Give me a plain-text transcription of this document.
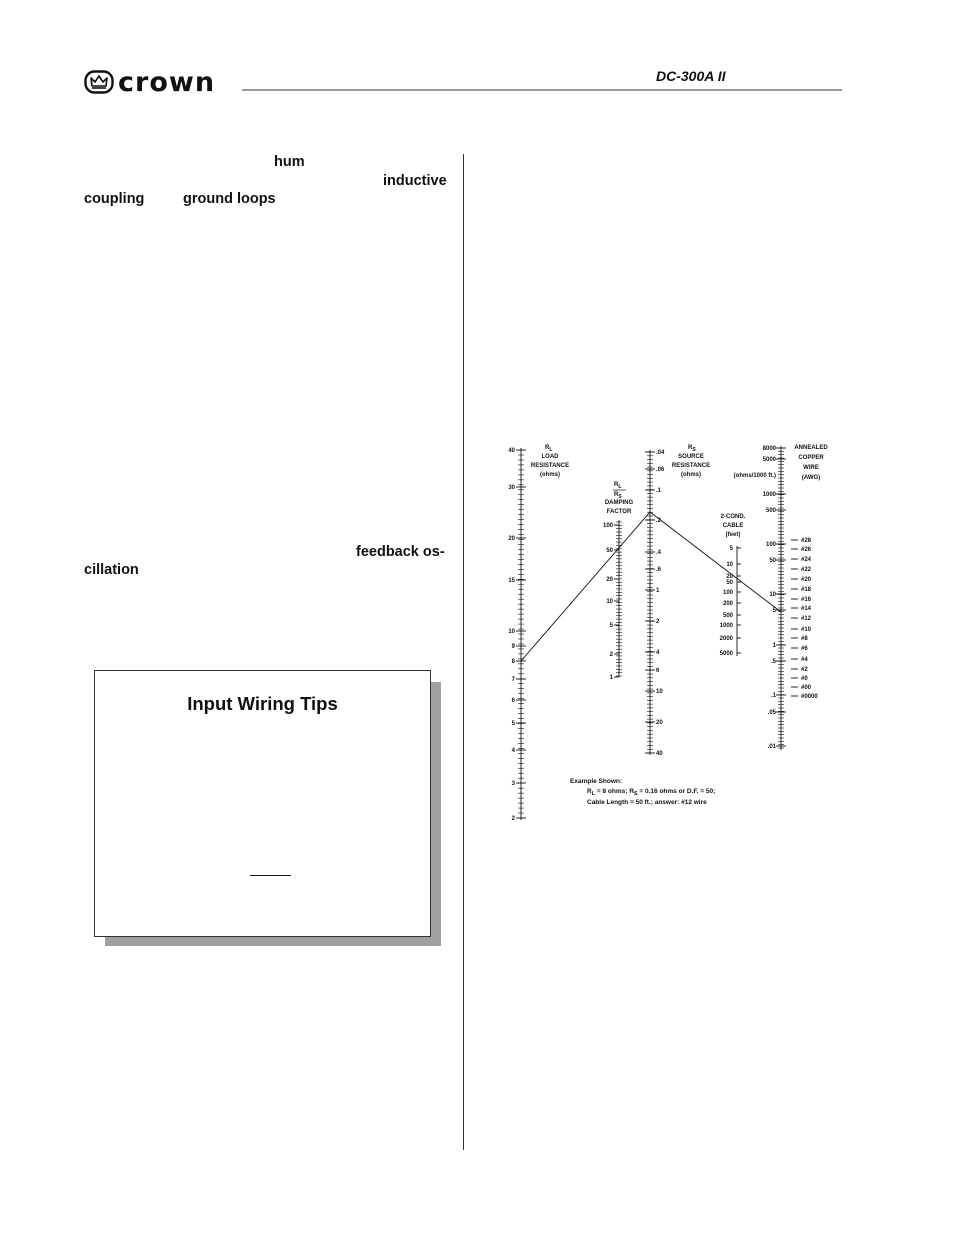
crown	DC-300A II
hum
inductive
coupling	ground loops
feedback os-
cillation
Input Wiring Tips
40
30
20
15
10
9
8
7
6
5
4
3
2
$R_L$
LOAD
RESISTANCE
(ohms)
100
50
20
10
5
2
1
$R_L$
$R_S$
DAMPING
FACTOR
.04
.06
.1
.2
.4
.6
1
2
4
6
10
20
40
$R_S$
SOURCE
RESISTANCE
(ohms)
5
10
20
50
100
200
500
1000
2000
5000
2-COND.
CABLE
(feet)
8000
5000
1000
500
100
50
10
5
1
.5
.1
.05
.01
(ohms/1000 ft.)
#28
#26
#24
#22
#20
#18
#16
#14
#12
#10
#8
#6
#4
#2
#0
#00
#0000
ANNEALED
COPPER
WIRE
(AWG)
Example Shown:
$R_L = 8$ ohms; $R_S = 0.16$ ohms or D.F. = 50;
Cable Length = 50 ft.; answer: #12 wire
